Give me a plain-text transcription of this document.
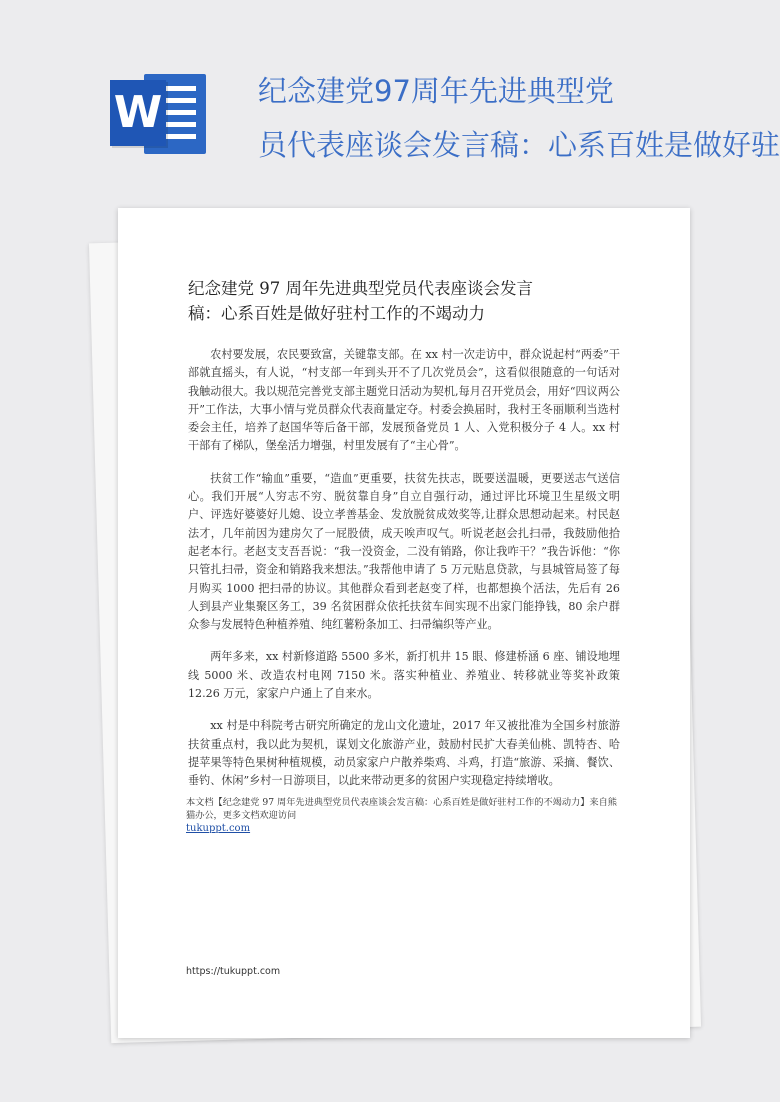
W	纪念建党97周年先进典型党
员代表座谈会发言稿：心系百姓是做好驻
纪念建党 97 周年先进典型党员代表座谈会发言
稿：心系百姓是做好驻村工作的不竭动力

农村要发展，农民要致富，关键靠支部。在 xx 村一次走访中，群众说起村“两委”干部就直摇头，有人说，“村支部一年到头开不了几次党员会”，这看似很随意的一句话对我触动很大。我以规范完善党支部主题党日活动为契机,每月召开党员会，用好“四议两公开”工作法，大事小情与党员群众代表商量定夺。村委会换届时，我村王冬丽顺利当选村委会主任，培养了赵国华等后备干部，发展预备党员 1 人、入党积极分子 4 人。xx 村干部有了梯队，堡垒活力增强，村里发展有了“主心骨”。

扶贫工作“输血”重要，“造血”更重要，扶贫先扶志，既要送温暖，更要送志气送信心。我们开展“人穷志不穷、脱贫靠自身”自立自强行动，通过评比环境卫生星级文明户、评选好婆婆好儿媳、设立孝善基金、发放脱贫成效奖等,让群众思想动起来。村民赵法才，几年前因为建房欠了一屁股债，成天唉声叹气。听说老赵会扎扫帚，我鼓励他拾起老本行。老赵支支吾吾说：“我一没资金，二没有销路，你让我咋干？”我告诉他：“你只管扎扫帚，资金和销路我来想法。”我帮他申请了 5 万元贴息贷款，与县城管局签了每月购买 1000 把扫帚的协议。其他群众看到老赵变了样，也都想换个活法，先后有 26 人到县产业集聚区务工，39 名贫困群众依托扶贫车间实现不出家门能挣钱，80 余户群众参与发展特色种植养殖、纯红薯粉条加工、扫帚编织等产业。

两年多来，xx 村新修道路 5500 多米，新打机井 15 眼、修建桥涵 6 座、铺设地埋线 5000 米、改造农村电网 7150 米。落实种植业、养殖业、转移就业等奖补政策 12.26 万元，家家户户通上了自来水。

xx 村是中科院考古研究所确定的龙山文化遗址，2017 年又被批准为全国乡村旅游扶贫重点村，我以此为契机，谋划文化旅游产业，鼓励村民扩大春美仙桃、凯特杏、哈提苹果等特色果树种植规模，动员家家户户散养柴鸡、斗鸡，打造“旅游、采摘、餐饮、垂钓、休闲”乡村一日游项目，以此来带动更多的贫困户实现稳定持续增收。

本文档【纪念建党 97 周年先进典型党员代表座谈会发言稿：心系百姓是做好驻村工作的不竭动力】来自熊猫办公，更多文档欢迎访问
tukuppt.com
https://tukuppt.com
